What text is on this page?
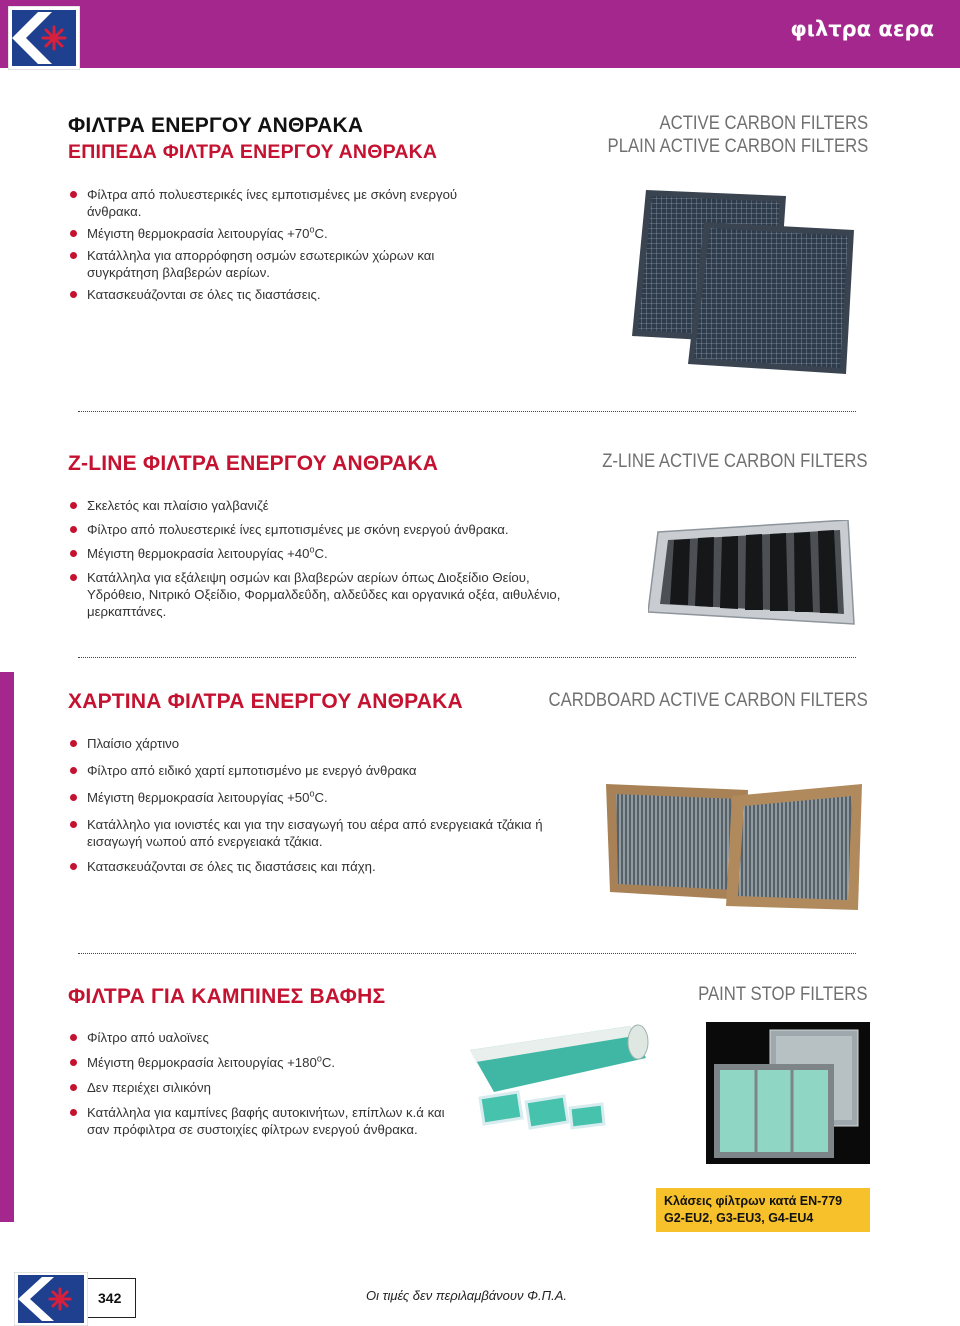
φιλτρα αερα
ΦΙΛΤΡΑ ΕΝΕΡΓΟΥ ΑΝΘΡΑΚΑ
ΕΠΙΠΕΔΑ ΦΙΛΤΡΑ ΕΝΕΡΓΟΥ ΑΝΘΡΑΚΑ
ACTIVE CARBON FILTERS
PLAIN ACTIVE CARBON FILTERS
Φίλτρα από πολυεστερικές ίνες εμποτισμένες με σκόνη ενεργού άνθρακα.
Μέγιστη θερμοκρασία $\lambda\varepsilon\iota\tau o\upsilon\rho\gamma ί\alpha\varsigma +70^oC$.
Κατάλληλα για απορρόφηση οσμών εσωτερικών χώρων και συγκράτηση βλαβερών αερίων.
Κατασκευάζονται σε όλες τις διαστάσεις.
Z-LINE ΦΙΛΤΡΑ ΕΝΕΡΓΟΥ ΑΝΘΡΑΚΑ	Z-LINE ACTIVE CARBON FILTERS
Σκελετός και πλαίσιο γαλβανιζέ
Φίλτρο από πολυεστερικέ ίνες εμποτισμένες με σκόνη ενεργού άνθρακα.
Μέγιστη θερμοκρασία $\lambda\varepsilon\iota\tau o\upsilon\rho\gamma ί\alpha\varsigma +40^oC$.
Κατάλληλα για εξάλειψη οσμών και βλαβερών αερίων όπως Διοξείδιο Θείου, Υδρόθειο, Νιτρικό Οξείδιο, Φορμαλδεΰδη, αλδεΰδες και οργανικά οξέα, αιθυλένιο, μερκαπτάνες.
ΧΑΡΤΙΝΑ ΦΙΛΤΡΑ ΕΝΕΡΓΟΥ ΑΝΘΡΑΚΑ	CARDBOARD ACTIVE CARBON FILTERS
Πλαίσιο χάρτινο
Φίλτρο από ειδικό χαρτί εμποτισμένο με ενεργό άνθρακα
Μέγιστη θερμοκρασία $\lambda\varepsilon\iota\tau o\upsilon\rho\gamma ί\alpha\varsigma +50^oC$.
Κατάλληλο για ιονιστές και για την εισαγωγή του αέρα από ενεργειακά τζάκια ή εισαγωγή νωπού από ενεργειακά τζάκια.
Κατασκευάζονται σε όλες τις διαστάσεις και πάχη.
ΦΙΛΤΡΑ ΓΙΑ ΚΑΜΠΙΝΕΣ ΒΑΦΗΣ	PAINT STOP FILTERS
Φίλτρο από υαλοϊνες
Μέγιστη θερμοκρασία $\lambda\varepsilon\iota\tau o\upsilon\rho\gamma ί\alpha\varsigma +180^oC$.
Δεν περιέχει σιλικόνη
Κατάλληλα για καμπίνες βαφής αυτοκινήτων, επίπλων κ.ά και σαν πρόφιλτρα σε συστοιχίες φίλτρων ενεργού άνθρακα.
Κλάσεις φίλτρων κατά EN-779
G2-EU2, G3-EU3, G4-EU4
342	Οι τιμές δεν περιλαμβάνουν Φ.Π.Α.
